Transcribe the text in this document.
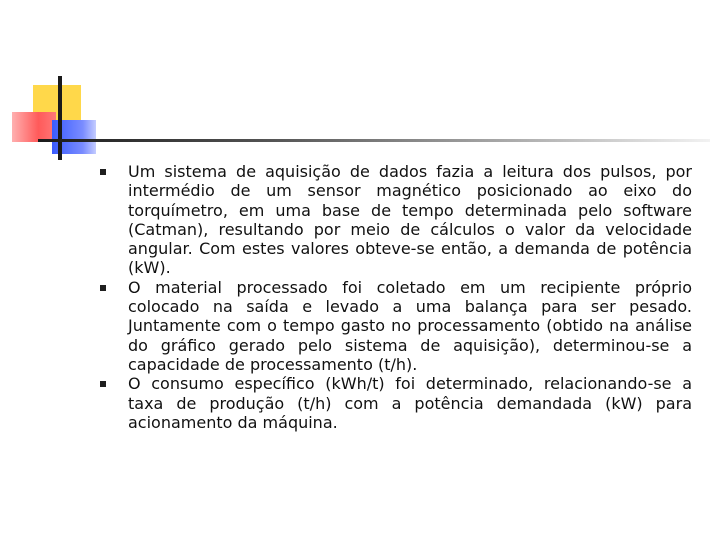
Um sistema de aquisição de dados fazia a leitura dos pulsos, por intermédio de um sensor magnético posicionado ao eixo do torquímetro, em uma base de tempo determinada pelo software (Catman), resultando por meio de cálculos o valor da velocidade angular. Com estes valores obteve-se então, a demanda de potência (kW).
O material processado foi coletado em um recipiente próprio colocado na saída e levado a uma balança para ser pesado. Juntamente com o tempo gasto no processamento (obtido na análise do gráfico gerado pelo sistema de aquisição), determinou-se a capacidade de processamento (t/h).
O consumo específico (kWh/t) foi determinado, relacionando-se a taxa de produção (t/h) com a potência demandada (kW) para acionamento da máquina.
